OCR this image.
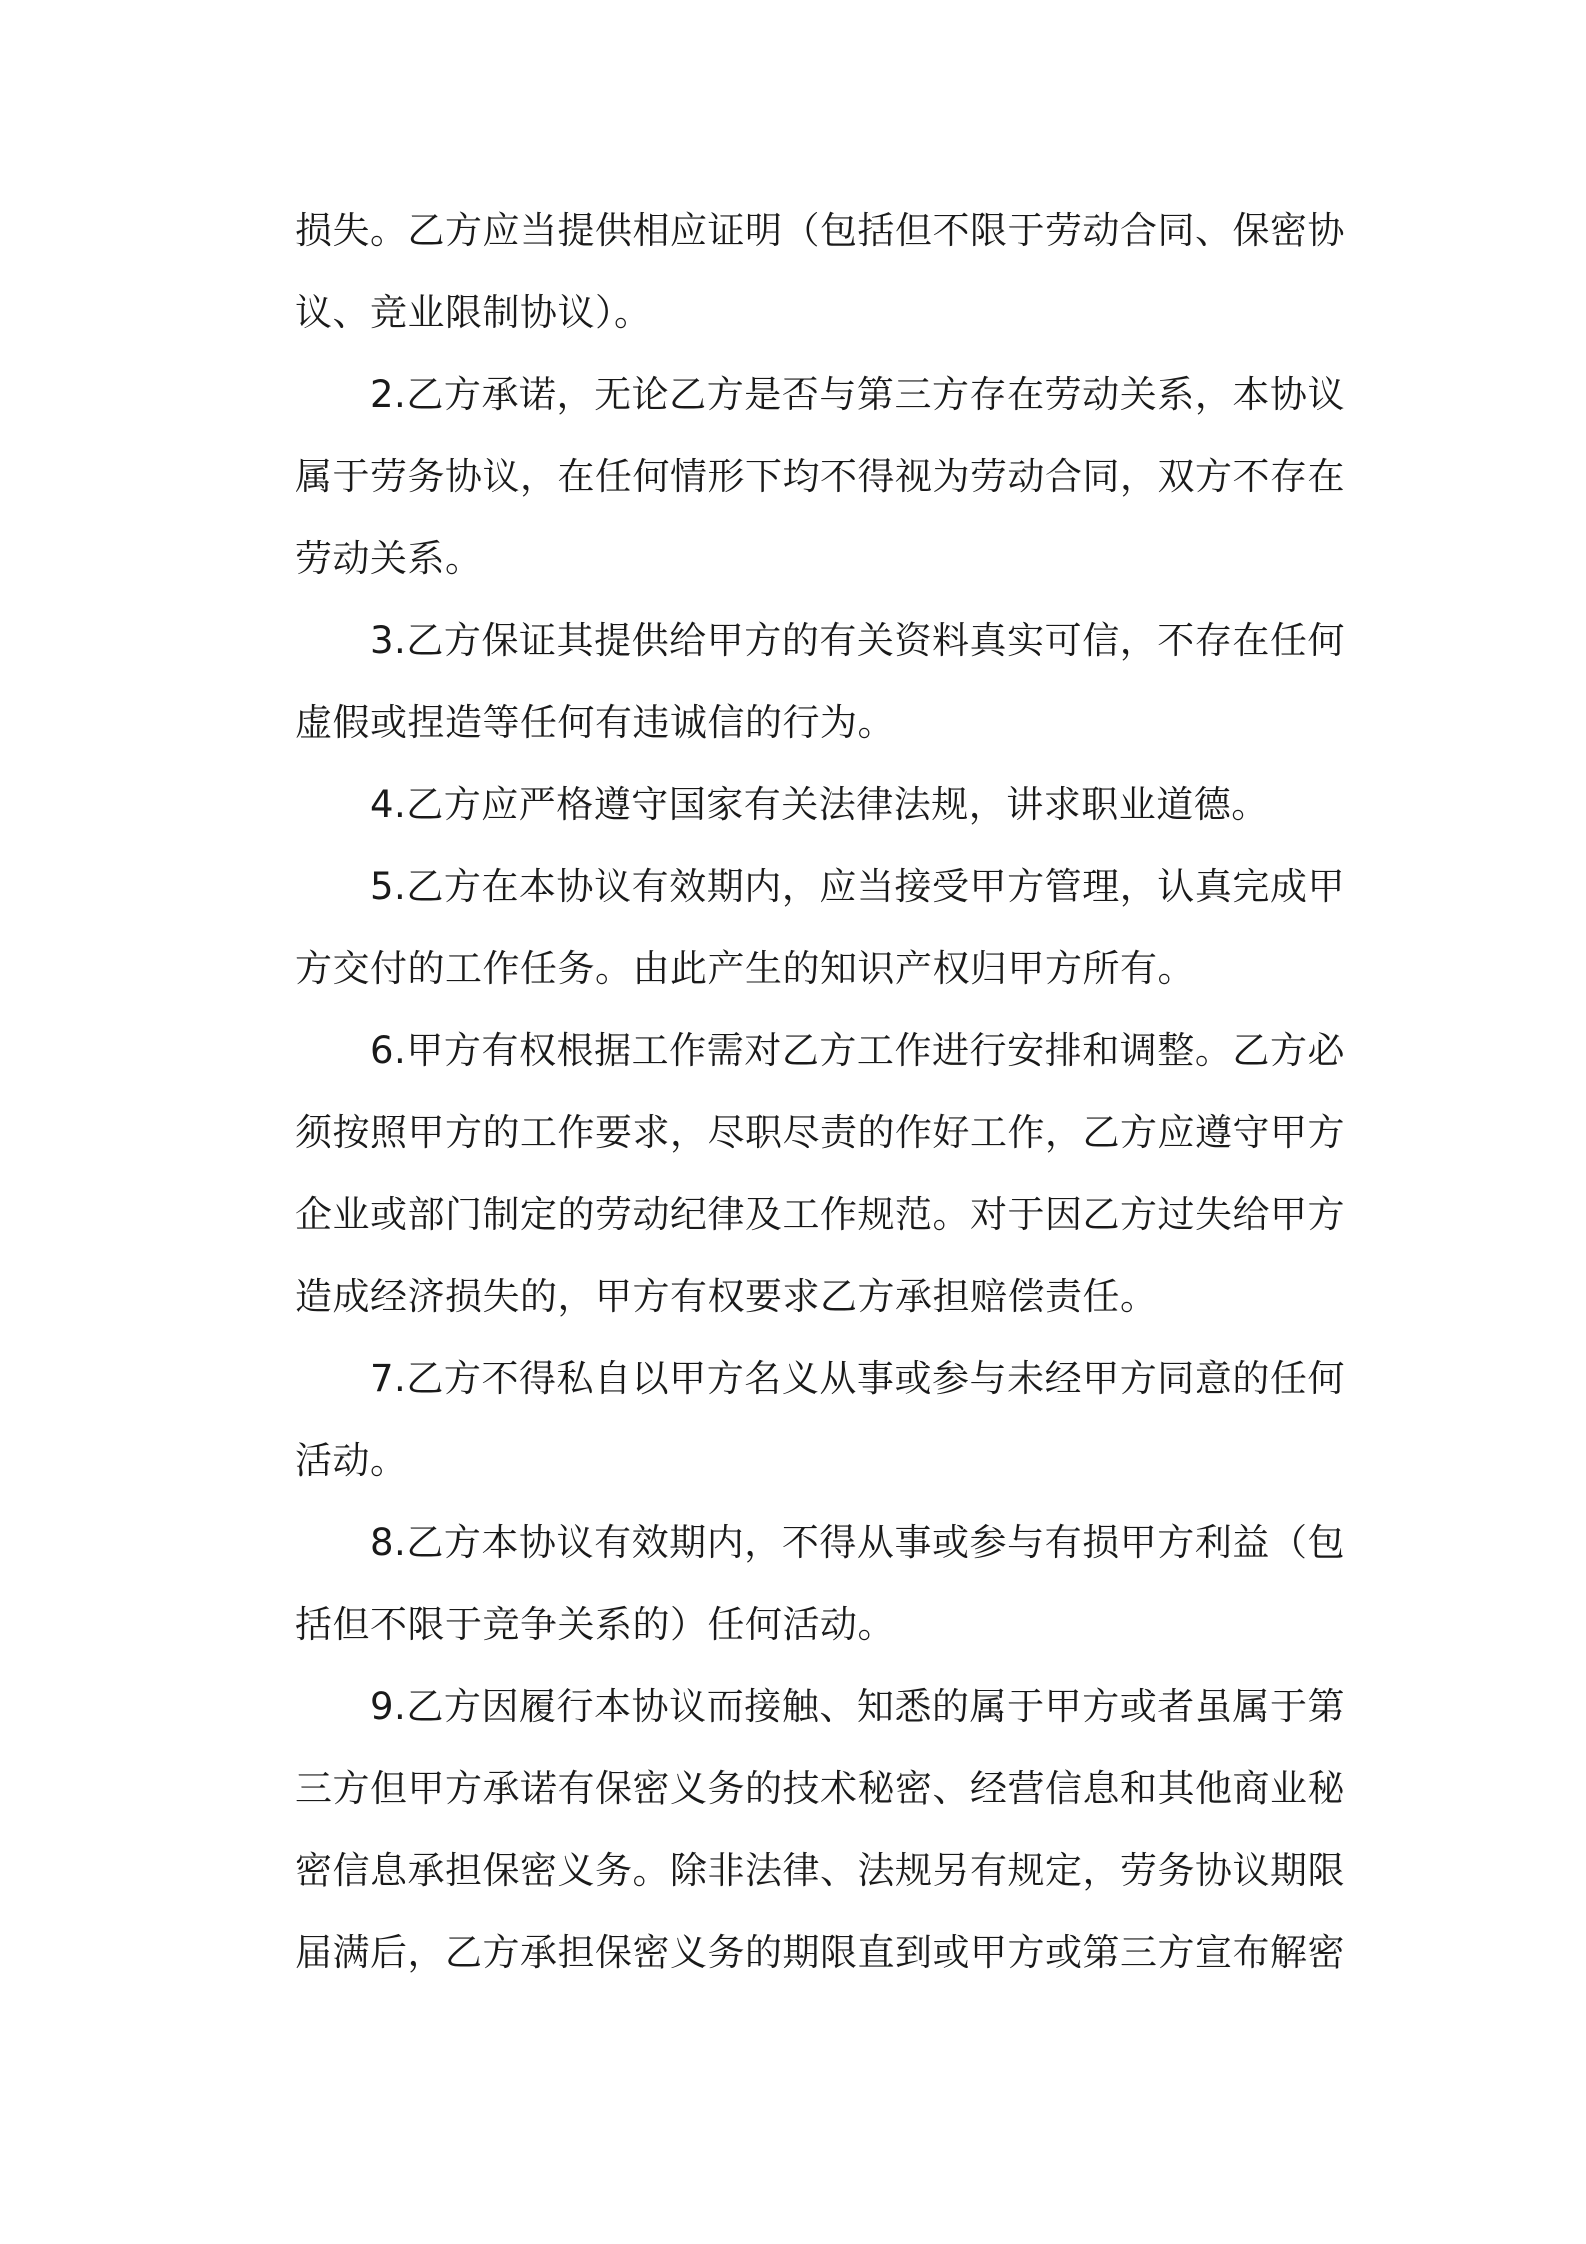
损失。乙方应当提供相应证明（包括但不限于劳动合同、保密协议、竞业限制协议）。

2.乙方承诺，无论乙方是否与第三方存在劳动关系，本协议属于劳务协议，在任何情形下均不得视为劳动合同，双方不存在劳动关系。

3.乙方保证其提供给甲方的有关资料真实可信，不存在任何虚假或捏造等任何有违诚信的行为。

4.乙方应严格遵守国家有关法律法规，讲求职业道德。

5.乙方在本协议有效期内，应当接受甲方管理，认真完成甲方交付的工作任务。由此产生的知识产权归甲方所有。

6.甲方有权根据工作需对乙方工作进行安排和调整。乙方必须按照甲方的工作要求，尽职尽责的作好工作，乙方应遵守甲方企业或部门制定的劳动纪律及工作规范。对于因乙方过失给甲方造成经济损失的，甲方有权要求乙方承担赔偿责任。

7.乙方不得私自以甲方名义从事或参与未经甲方同意的任何活动。

8.乙方本协议有效期内，不得从事或参与有损甲方利益（包括但不限于竞争关系的）任何活动。

9.乙方因履行本协议而接触、知悉的属于甲方或者虽属于第三方但甲方承诺有保密义务的技术秘密、经营信息和其他商业秘密信息承担保密义务。除非法律、法规另有规定，劳务协议期限届满后，乙方承担保密义务的期限直到或甲方或第三方宣布解密
